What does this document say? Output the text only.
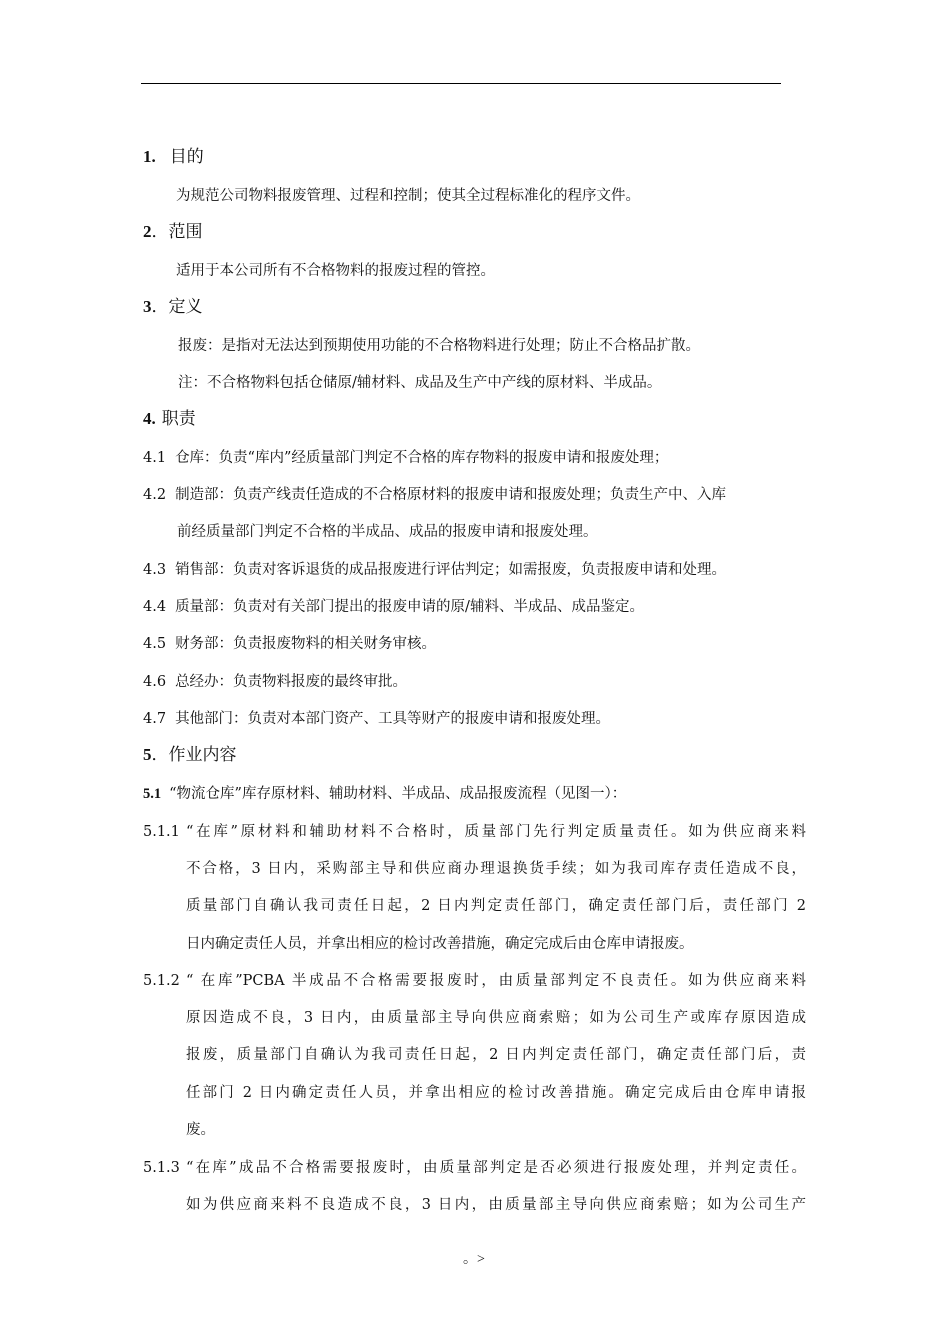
1. 目的
为规范公司物料报废管理、过程和控制；使其全过程标准化的程序文件。
2．范围
适用于本公司所有不合格物料的报废过程的管控。
3．定义
报废：是指对无法达到预期使用功能的不合格物料进行处理；防止不合格品扩散。
注：不合格物料包括仓储原/辅材料、成品及生产中产线的原材料、半成品。
4. 职责
4.1 仓库：负责“库内”经质量部门判定不合格的库存物料的报废申请和报废处理；
4.2 制造部：负责产线责任造成的不合格原材料的报废申请和报废处理；负责生产中、入库
前经质量部门判定不合格的半成品、成品的报废申请和报废处理。
4.3 销售部：负责对客诉退货的成品报废进行评估判定；如需报废，负责报废申请和处理。
4.4 质量部：负责对有关部门提出的报废申请的原/辅料、半成品、成品鉴定。
4.5 财务部：负责报废物料的相关财务审核。
4.6 总经办：负责物料报废的最终审批。
4.7 其他部门：负责对本部门资产、工具等财产的报废申请和报废处理。
5．作业内容
5.1 “物流仓库”库存原材料、辅助材料、半成品、成品报废流程（见图一）：
5.1.1 “在库”原材料和辅助材料不合格时，质量部门先行判定质量责任。如为供应商来料
不合格，3 日内，采购部主导和供应商办理退换货手续；如为我司库存责任造成不良，
质量部门自确认我司责任日起，2 日内判定责任部门，确定责任部门后，责任部门 2
日内确定责任人员，并拿出相应的检讨改善措施，确定完成后由仓库申请报废。
5.1.2 “ 在库”PCBA 半成品不合格需要报废时，由质量部判定不良责任。如为供应商来料
原因造成不良，3 日内，由质量部主导向供应商索赔；如为公司生产或库存原因造成
报废，质量部门自确认为我司责任日起，2 日内判定责任部门，确定责任部门后，责
任部门 2 日内确定责任人员，并拿出相应的检讨改善措施。确定完成后由仓库申请报
废。
5.1.3 “在库”成品不合格需要报废时，由质量部判定是否必须进行报废处理，并判定责任。
如为供应商来料不良造成不良，3 日内，由质量部主导向供应商索赔；如为公司生产
。>
